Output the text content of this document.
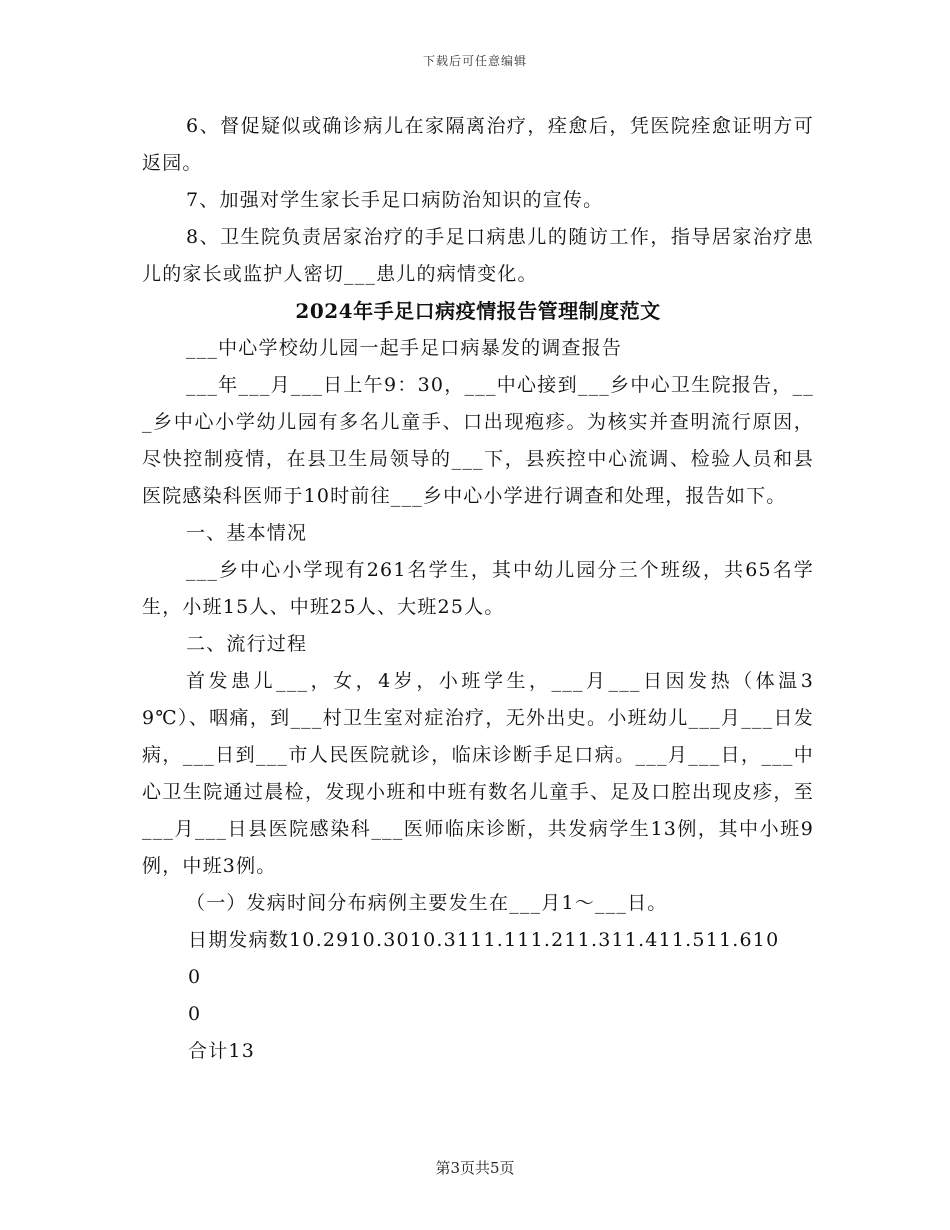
下载后可任意编辑

6、督促疑似或确诊病儿在家隔离治疗，痊愈后，凭医院痊愈证明方可返园。

7、加强对学生家长手足口病防治知识的宣传。

8、卫生院负责居家治疗的手足口病患儿的随访工作，指导居家治疗患儿的家长或监护人密切___患儿的病情变化。

2024年手足口病疫情报告管理制度范文

___中心学校幼儿园一起手足口病暴发的调查报告

___年___月___日上午9：30，___中心接到___乡中心卫生院报告，___乡中心小学幼儿园有多名儿童手、口出现疱疹。为核实并查明流行原因，尽快控制疫情，在县卫生局领导的___下，县疾控中心流调、检验人员和县医院感染科医师于10时前往___乡中心小学进行调查和处理，报告如下。

一、基本情况

___乡中心小学现有261名学生，其中幼儿园分三个班级，共65名学生，小班15人、中班25人、大班25人。

二、流行过程

首发患儿___，女，4岁，小班学生，___月___日因发热（体温39℃）、咽痛，到___村卫生室对症治疗，无外出史。小班幼儿___月___日发病，___日到___市人民医院就诊，临床诊断手足口病。___月___日，___中心卫生院通过晨检，发现小班和中班有数名儿童手、足及口腔出现皮疹，至___月___日县医院感染科___医师临床诊断，共发病学生13例，其中小班9例，中班3例。

（一）发病时间分布病例主要发生在___月1～___日。

日期发病数10.2910.3010.3111.111.211.311.411.511.610

0

0

合计13

第3页共5页
